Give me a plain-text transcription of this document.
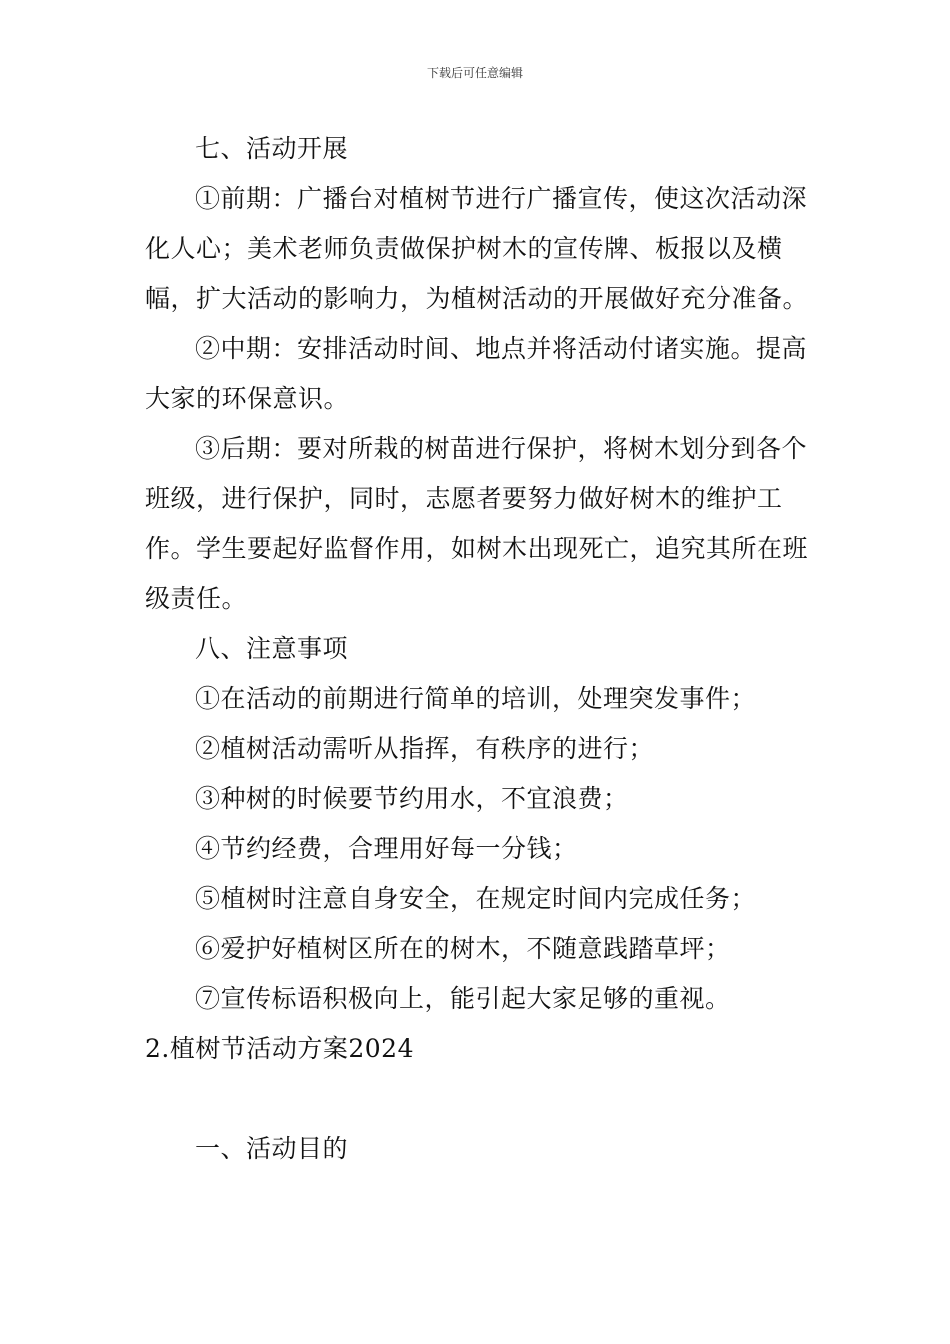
下载后可任意编辑

七、活动开展

①前期：广播台对植树节进行广播宣传，使这次活动深化人心；美术老师负责做保护树木的宣传牌、板报以及横幅，扩大活动的影响力，为植树活动的开展做好充分准备。

②中期：安排活动时间、地点并将活动付诸实施。提高大家的环保意识。

③后期：要对所栽的树苗进行保护，将树木划分到各个班级，进行保护，同时，志愿者要努力做好树木的维护工作。学生要起好监督作用，如树木出现死亡，追究其所在班级责任。

八、注意事项

①在活动的前期进行简单的培训，处理突发事件；

②植树活动需听从指挥，有秩序的进行；

③种树的时候要节约用水，不宜浪费；

④节约经费，合理用好每一分钱；

⑤植树时注意自身安全，在规定时间内完成任务；

⑥爱护好植树区所在的树木，不随意践踏草坪；

⑦宣传标语积极向上，能引起大家足够的重视。

2.植树节活动方案2024

一、活动目的
